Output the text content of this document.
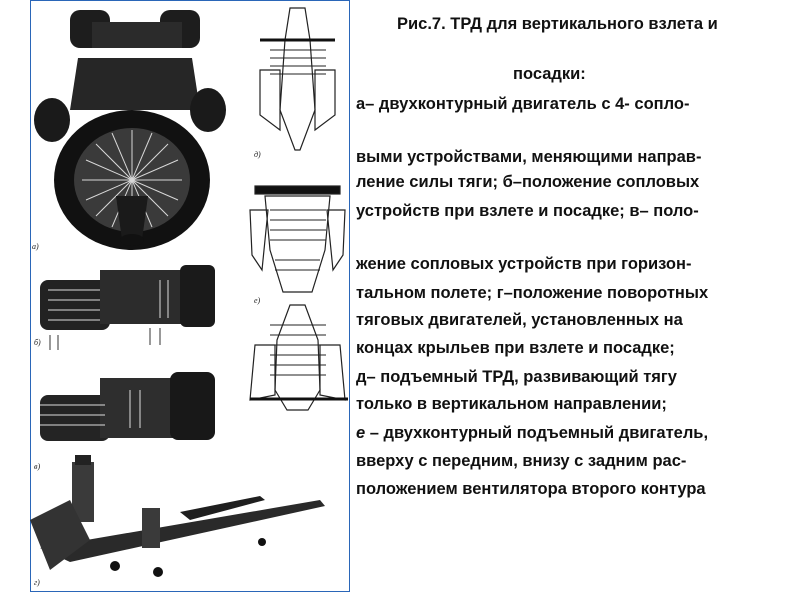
а)
б)
в)
г)
д)
е)
Рис.7. ТРД для вертикального взлета и
посадки:
а– двухконтурный двигатель с 4- сопло-
выми устройствами, меняющими направ-
ление силы тяги; б–положение сопловых
устройств при взлете и посадке; в– поло-
жение сопловых устройств при горизон-
тальном полете; г–положение поворотных
тяговых двигателей, установленных на
концах крыльев при взлете и посадке;
д– подъемный ТРД, развивающий тягу
только в вертикальном направлении;
е – двухконтурный подъемный двигатель,
вверху с передним, внизу с задним рас-
положением вентилятора второго контура
